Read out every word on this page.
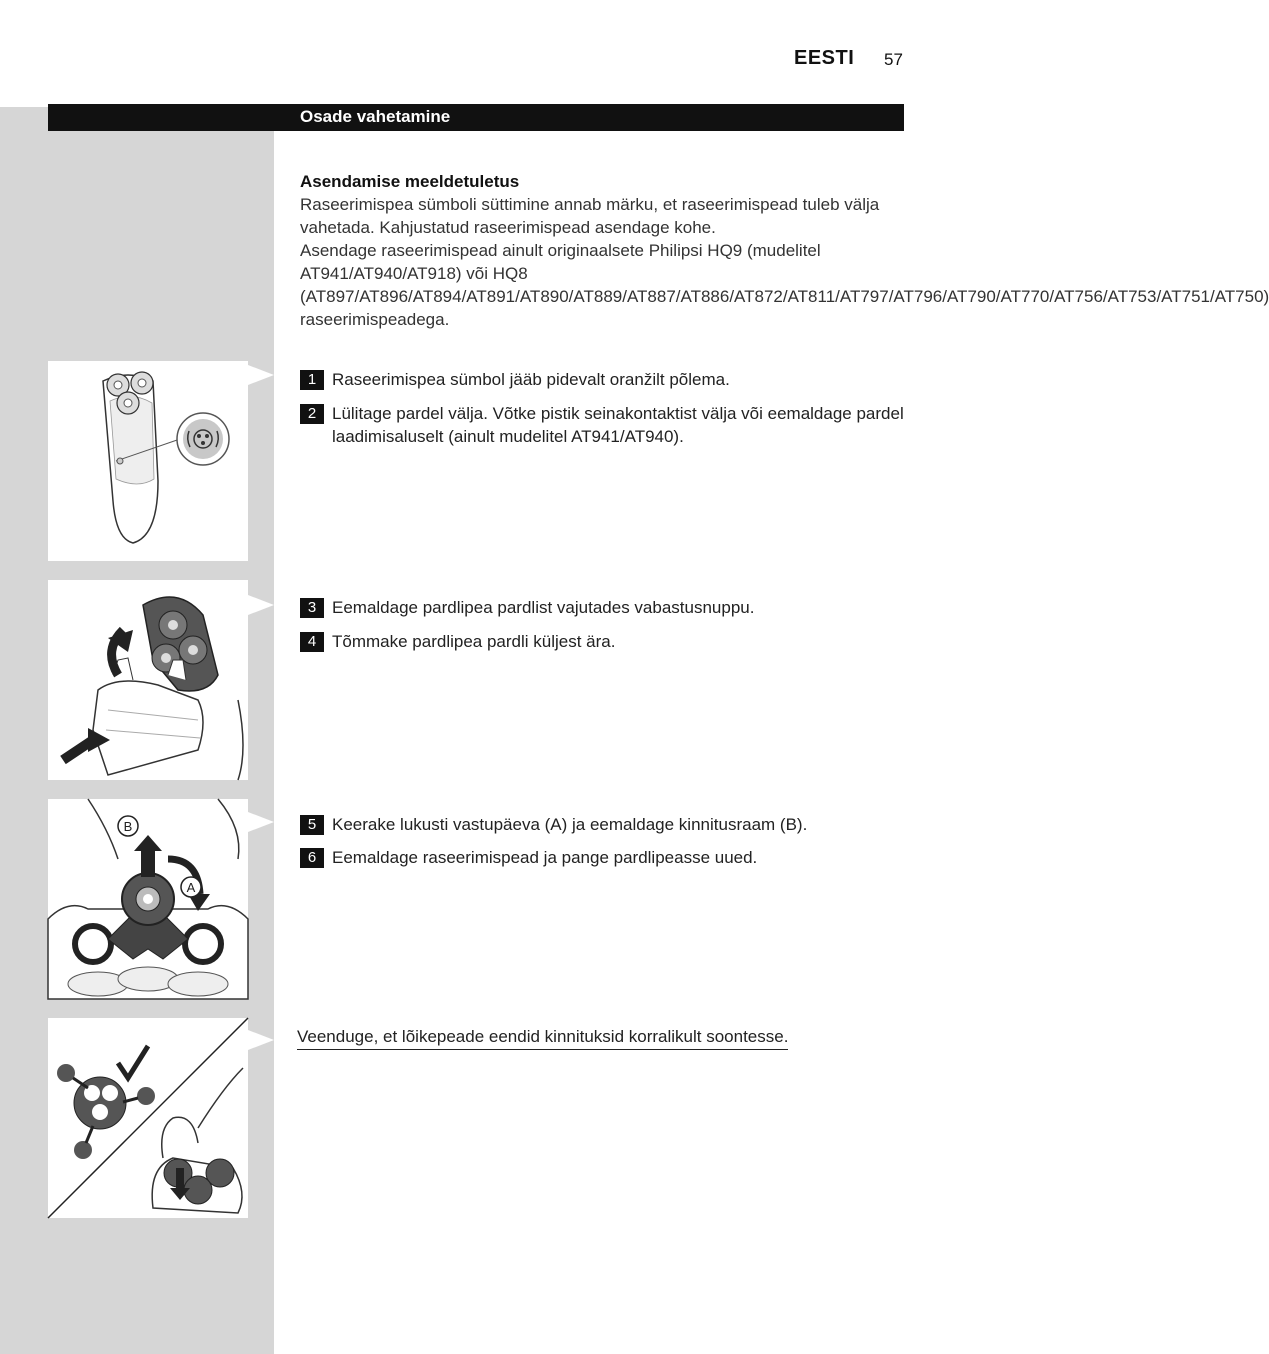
EESTI 57
Osade vahetamine
Asendamise meeldetuletus
Raseerimispea sümboli süttimine annab märku, et raseerimispead tuleb välja vahetada. Kahjustatud raseerimispead asendage kohe.
Asendage raseerimispead ainult originaalsete Philipsi HQ9 (mudelitel AT941/AT940/AT918) või HQ8 (AT897/AT896/AT894/AT891/AT890/AT889/AT887/AT886/AT872/AT811/AT797/AT796/AT790/AT770/AT756/AT753/AT751/AT750) raseerimispeadega.
B
A
1 Raseerimispea sümbol jääb pidevalt oranžilt põlema.
2 Lülitage pardel välja. Võtke pistik seinakontaktist välja või eemaldage pardel laadimisaluselt (ainult mudelitel AT941/AT940).
3 Eemaldage pardlipea pardlist vajutades vabastusnuppu.
4 Tõmmake pardlipea pardli küljest ära.
5 Keerake lukusti vastupäeva (A) ja eemaldage kinnitusraam (B).
6 Eemaldage raseerimispead ja pange pardlipeasse uued.
Veenduge, et lõikepeade eendid kinnituksid korralikult soontesse.
